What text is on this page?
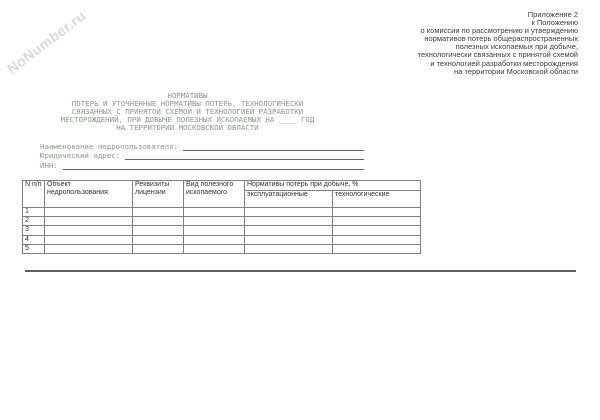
NoNumber.ru	Приложение 2
к Положению
о комиссии по рассмотрению и утверждению
нормативов потерь общераспространенных
полезных ископаемых при добыче,
технологически связанных с принятой схемой
и технологией разработки месторождения
на территории Московской области
НОРМАТИВЫ
ПОТЕРЬ И УТОЧНЕННЫЕ НОРМАТИВЫ ПОТЕРЬ, ТЕХНОЛОГИЧЕСКИ
СВЯЗАННЫХ С ПРИНЯТОЙ СХЕМОЙ И ТЕХНОЛОГИЕЙ РАЗРАБОТКИ
МЕСТОРОЖДЕНИЙ, ПРИ ДОБЫЧЕ ПОЛЕЗНЫХ ИСКОПАЕМЫХ НА ____ ГОД
НА ТЕРРИТОРИИ МОСКОВСКОЙ ОБЛАСТИ
Наименование недропользователя:
Юридический адрес:
ИНН:
N п/п	Объект недропользования	Реквизиты лицензии	Вид полезного ископаемого	Нормативы потерь при добыче, %	
				эксплуатационные	технологические
1					
2					
3					
4					
5					
